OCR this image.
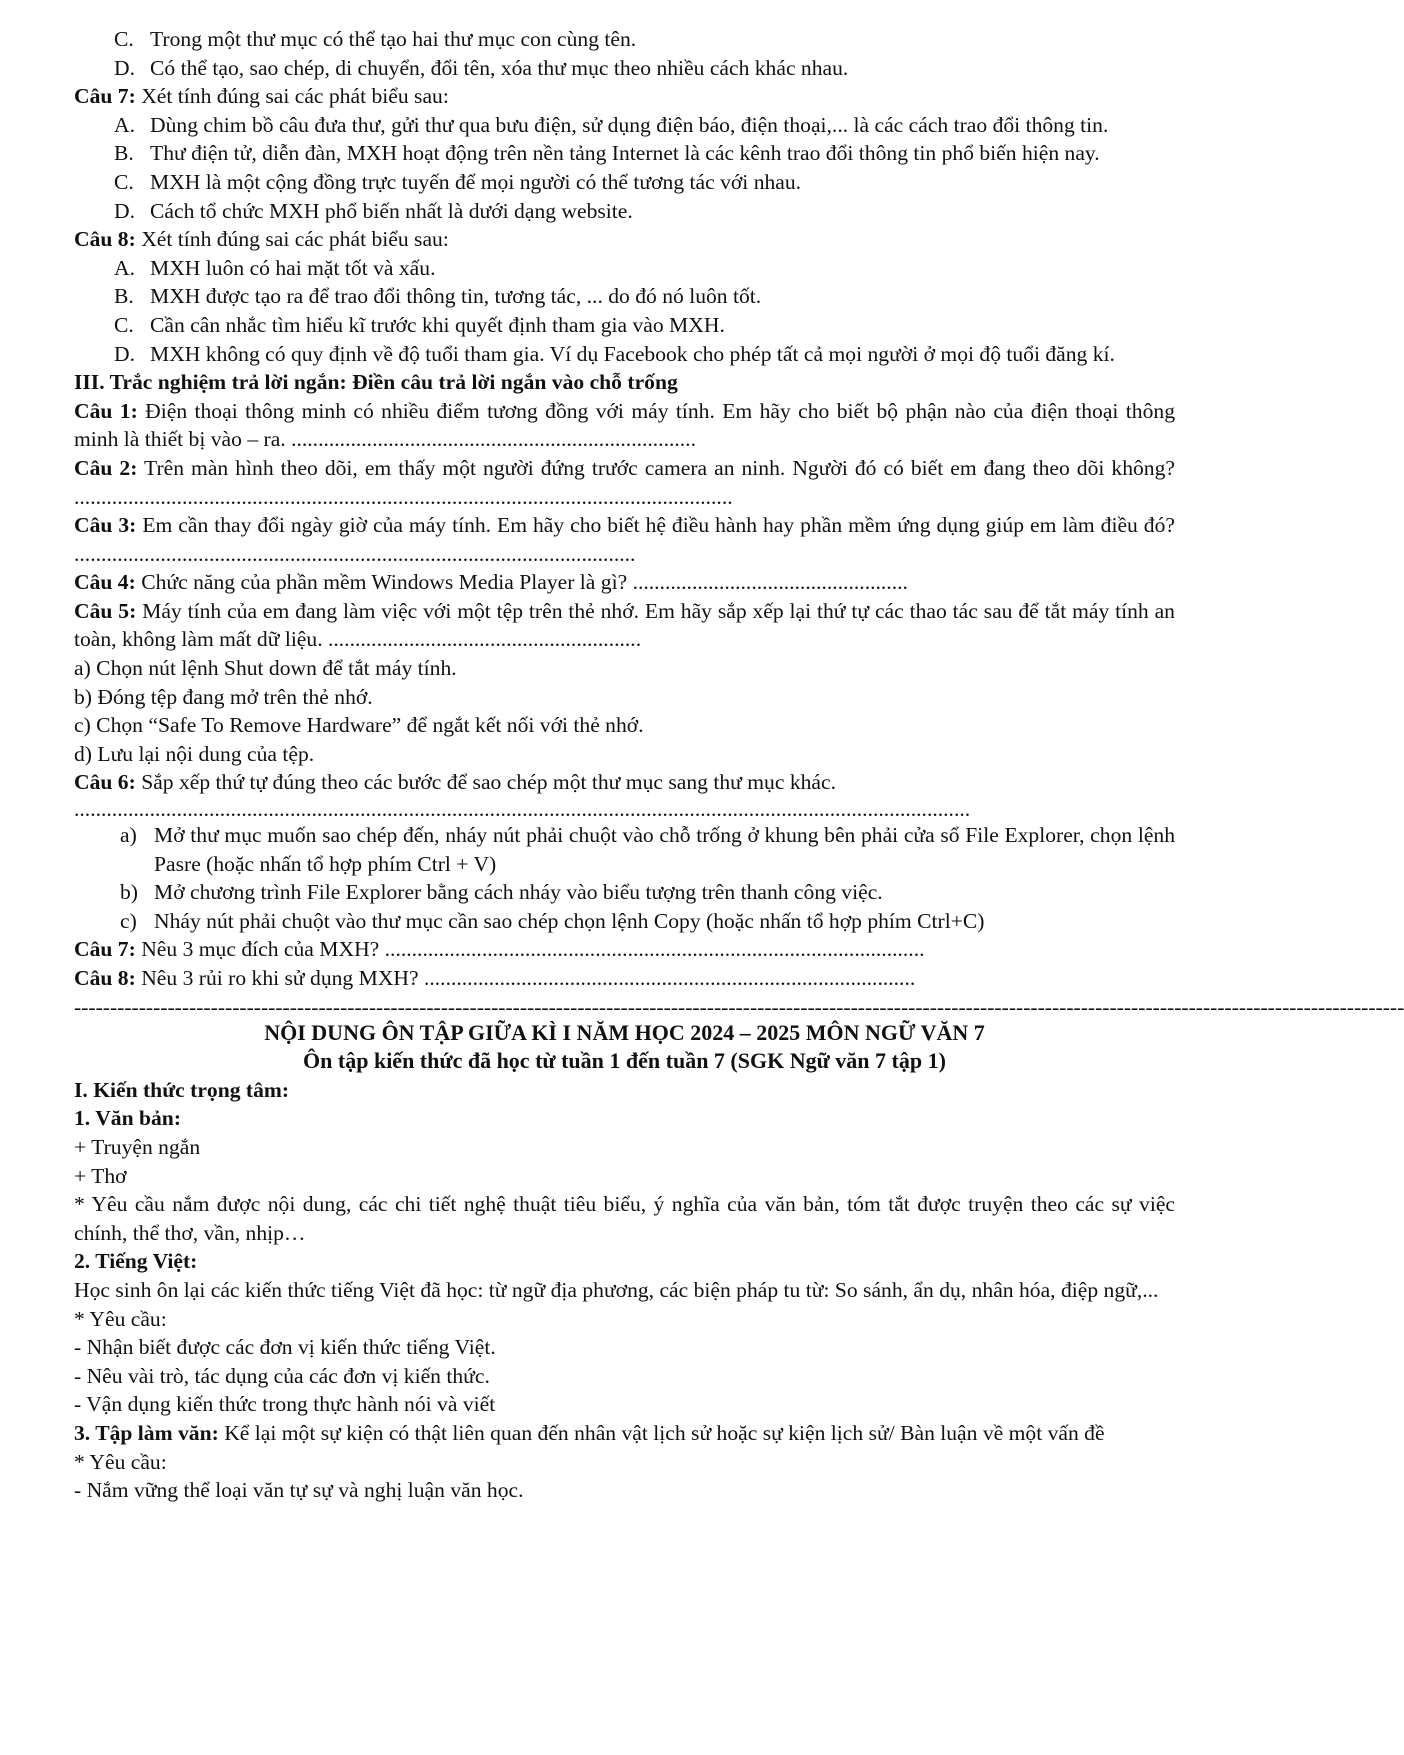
C. Trong một thư mục có thể tạo hai thư mục con cùng tên.
D. Có thể tạo, sao chép, di chuyển, đổi tên, xóa thư mục theo nhiều cách khác nhau.

Câu 7: Xét tính đúng sai các phát biểu sau:

A. Dùng chim bồ câu đưa thư, gửi thư qua bưu điện, sử dụng điện báo, điện thoại,... là các cách trao đổi thông tin.
B. Thư điện tử, diễn đàn, MXH hoạt động trên nền tảng Internet là các kênh trao đổi thông tin phổ biến hiện nay.
C. MXH là một cộng đồng trực tuyến để mọi người có thể tương tác với nhau.
D. Cách tổ chức MXH phổ biến nhất là dưới dạng website.

Câu 8: Xét tính đúng sai các phát biểu sau:

A. MXH luôn có hai mặt tốt và xấu.
B. MXH được tạo ra để trao đổi thông tin, tương tác, ... do đó nó luôn tốt.
C. Cần cân nhắc tìm hiểu kĩ trước khi quyết định tham gia vào MXH.
D. MXH không có quy định về độ tuổi tham gia. Ví dụ Facebook cho phép tất cả mọi người ở mọi độ tuổi đăng kí.

III. Trắc nghiệm trả lời ngắn: Điền câu trả lời ngắn vào chỗ trống

Câu 1: Điện thoại thông minh có nhiều điểm tương đồng với máy tính. Em hãy cho biết bộ phận nào của điện thoại thông minh là thiết bị vào – ra. ...........................................................................

Câu 2: Trên màn hình theo dõi, em thấy một người đứng trước camera an ninh. Người đó có biết em đang theo dõi không? ..........................................................................................................................

Câu 3: Em cần thay đổi ngày giờ của máy tính. Em hãy cho biết hệ điều hành hay phần mềm ứng dụng giúp em làm điều đó? ........................................................................................................

Câu 4: Chức năng của phần mềm Windows Media Player là gì? ...................................................

Câu 5: Máy tính của em đang làm việc với một tệp trên thẻ nhớ. Em hãy sắp xếp lại thứ tự các thao tác sau để tắt máy tính an toàn, không làm mất dữ liệu. ..........................................................

a) Chọn nút lệnh Shut down để tắt máy tính.

b) Đóng tệp đang mở trên thẻ nhớ.

c) Chọn “Safe To Remove Hardware” để ngắt kết nối với thẻ nhớ.

d) Lưu lại nội dung của tệp.

Câu 6: Sắp xếp thứ tự đúng theo các bước để sao chép một thư mục sang thư mục khác.

......................................................................................................................................................................

a) Mở thư mục muốn sao chép đến, nháy nút phải chuột vào chỗ trống ở khung bên phải cửa sổ File Explorer, chọn lệnh Pasre (hoặc nhấn tổ hợp phím Ctrl + V)
b) Mở chương trình File Explorer bằng cách nháy vào biểu tượng trên thanh công việc.
c) Nháy nút phải chuột vào thư mục cần sao chép chọn lệnh Copy (hoặc nhấn tổ hợp phím Ctrl+C)

Câu 7: Nêu 3 mục đích của MXH? ....................................................................................................

Câu 8: Nêu 3 rủi ro khi sử dụng MXH? ...........................................................................................

-----------------------------------------------------------------------------------------------------------------------------------------------------------------------------------------

NỘI DUNG ÔN TẬP GIỮA KÌ I NĂM HỌC 2024 – 2025 MÔN NGỮ VĂN 7

Ôn tập kiến thức đã học từ tuần 1 đến tuần 7 (SGK Ngữ văn 7 tập 1)

I. Kiến thức trọng tâm:

1. Văn bản:

+ Truyện ngắn

+ Thơ

* Yêu cầu nắm được nội dung, các chi tiết nghệ thuật tiêu biểu, ý nghĩa của văn bản, tóm tắt được truyện theo các sự việc chính, thể thơ, vần, nhịp…

2. Tiếng Việt:

Học sinh ôn lại các kiến thức tiếng Việt đã học: từ ngữ địa phương, các biện pháp tu từ: So sánh, ẩn dụ, nhân hóa, điệp ngữ,...

* Yêu cầu:

- Nhận biết được các đơn vị kiến thức tiếng Việt.

- Nêu vài trò, tác dụng của các đơn vị kiến thức.

- Vận dụng kiến thức trong thực hành nói và viết

3. Tập làm văn: Kể lại một sự kiện có thật liên quan đến nhân vật lịch sử hoặc sự kiện lịch sử/ Bàn luận về một vấn đề

* Yêu cầu:

- Nắm vững thể loại văn tự sự và nghị luận văn học.
